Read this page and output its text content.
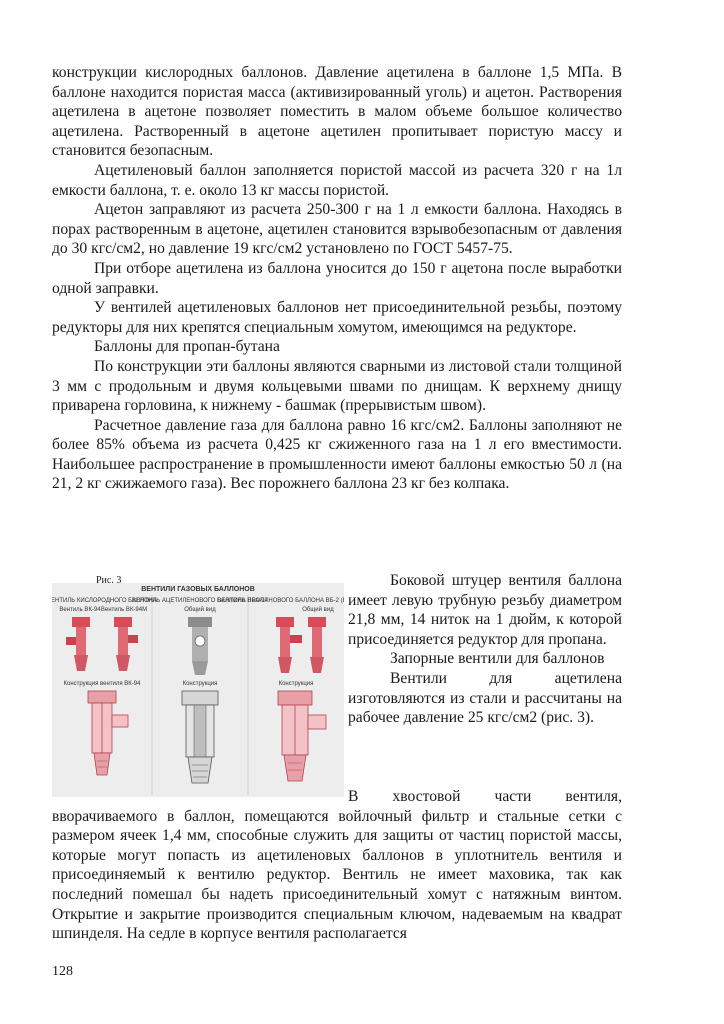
конструкции кислородных баллонов. Давление ацетилена в баллоне 1,5 МПа. В баллоне находится пористая масса (активизированный уголь) и ацетон. Растворения ацетилена в ацетоне позволяет поместить в малом объеме большое количество ацетилена. Растворенный в ацетоне ацетилен пропитывает пористую массу и становится безопасным.

Ацетиленовый баллон заполняется пористой массой из расчета 320 г на 1л емкости баллона, т. е. около 13 кг массы пористой.

Ацетон заправляют из расчета 250-300 г на 1 л емкости баллона. Находясь в порах растворенным в ацетоне, ацетилен становится взрывобезопасным от давления до 30 кгс/см2, но давление 19 кгс/см2 установлено по ГОСТ 5457-75.

При отборе ацетилена из баллона уносится до 150 г ацетона после выработки одной заправки.

У вентилей ацетиленовых баллонов нет присоединительной резьбы, поэтому редукторы для них крепятся специальным хомутом, имеющимся на редукторе.

Баллоны для пропан-бутана

По конструкции эти баллоны являются сварными из листовой стали толщиной 3 мм с продольным и двумя кольцевыми швами по днищам. К верхнему днищу приварена горловина, к нижнему - башмак (прерывистым швом).

Расчетное давление газа для баллона равно 16 кгс/см2. Баллоны заполняют не более 85% объема из расчета 0,425 кг сжиженного газа на 1 л его вместимости. Наибольшее распространение в промышленности имеют баллоны емкостью 50 л (на 21, 2 кг сжижаемого газа). Вес порожнего баллона 23 кг без колпака.

ВЕНТИЛИ ГАЗОВЫХ БАЛЛОНОВ
ВЕНТИЛЬ КИСЛОРОДНОГО БАЛЛОНА
ВЕНТИЛЬ АЦЕТИЛЕНОВОГО БАЛЛОНА ВБА-97
ВЕНТИЛЬ ПРОПАНОВОГО БАЛЛОНА ВБ-2 (
Вентиль ВК-94 Вентиль ВК-94М	Общий вид	Общий вид
Конструкция вентиля ВК-94	Конструкция	Конструкция
Рис. 3	Боковой штуцер вентиля баллона имеет левую трубную резьбу диаметром 21,8 мм, 14 ниток на 1 дюйм, к которой присоединяется редуктор для пропана.

Запорные вентили для баллонов

Вентили для ацетилена изготовляются из стали и рассчитаны на рабочее давление 25 кгс/см2 (рис. 3).

В хвостовой части вентиля, вворачиваемого в баллон, помещаются войлочный фильтр и стальные сетки с размером ячеек 1,4 мм, способные служить для защиты от частиц пористой массы, которые могут попасть из ацетиленовых баллонов в уплотнитель вентиля и присоединяемый к вентилю редуктор. Вентиль не имеет маховика, так как последний помешал бы надеть присоединительный хомут с натяжным винтом. Открытие и закрытие производится специальным ключом, надеваемым на квадрат шпинделя. На седле в корпусе вентиля располагается

128
